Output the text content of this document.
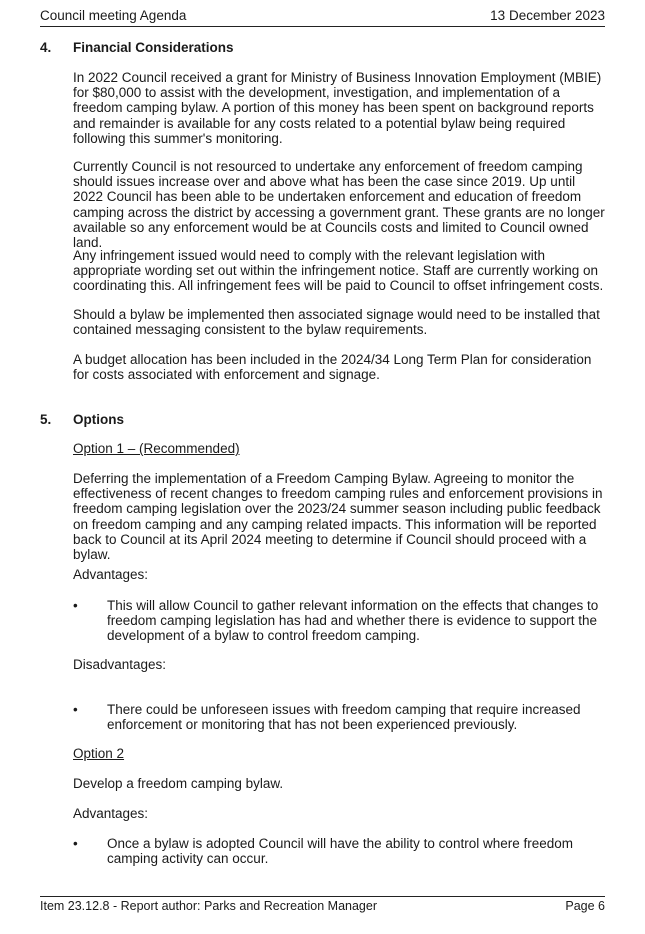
Council meeting Agenda	13 December 2023
4. Financial Considerations
In 2022 Council received a grant for Ministry of Business Innovation Employment (MBIE) for $80,000 to assist with the development, investigation, and implementation of a freedom camping bylaw. A portion of this money has been spent on background reports and remainder is available for any costs related to a potential bylaw being required following this summer's monitoring.
Currently Council is not resourced to undertake any enforcement of freedom camping should issues increase over and above what has been the case since 2019. Up until 2022 Council has been able to be undertaken enforcement and education of freedom camping across the district by accessing a government grant. These grants are no longer available so any enforcement would be at Councils costs and limited to Council owned land.
Any infringement issued would need to comply with the relevant legislation with appropriate wording set out within the infringement notice. Staff are currently working on coordinating this. All infringement fees will be paid to Council to offset infringement costs.
Should a bylaw be implemented then associated signage would need to be installed that contained messaging consistent to the bylaw requirements.
A budget allocation has been included in the 2024/34 Long Term Plan for consideration for costs associated with enforcement and signage.
5. Options
Option 1 – (Recommended)
Deferring the implementation of a Freedom Camping Bylaw. Agreeing to monitor the effectiveness of recent changes to freedom camping rules and enforcement provisions in freedom camping legislation over the 2023/24 summer season including public feedback on freedom camping and any camping related impacts. This information will be reported back to Council at its April 2024 meeting to determine if Council should proceed with a bylaw.
Advantages:
• This will allow Council to gather relevant information on the effects that changes to freedom camping legislation has had and whether there is evidence to support the development of a bylaw to control freedom camping.
Disadvantages:
• There could be unforeseen issues with freedom camping that require increased enforcement or monitoring that has not been experienced previously.
Option 2
Develop a freedom camping bylaw.
Advantages:
• Once a bylaw is adopted Council will have the ability to control where freedom camping activity can occur.
Item 23.12.8 - Report author: Parks and Recreation Manager	Page 6
